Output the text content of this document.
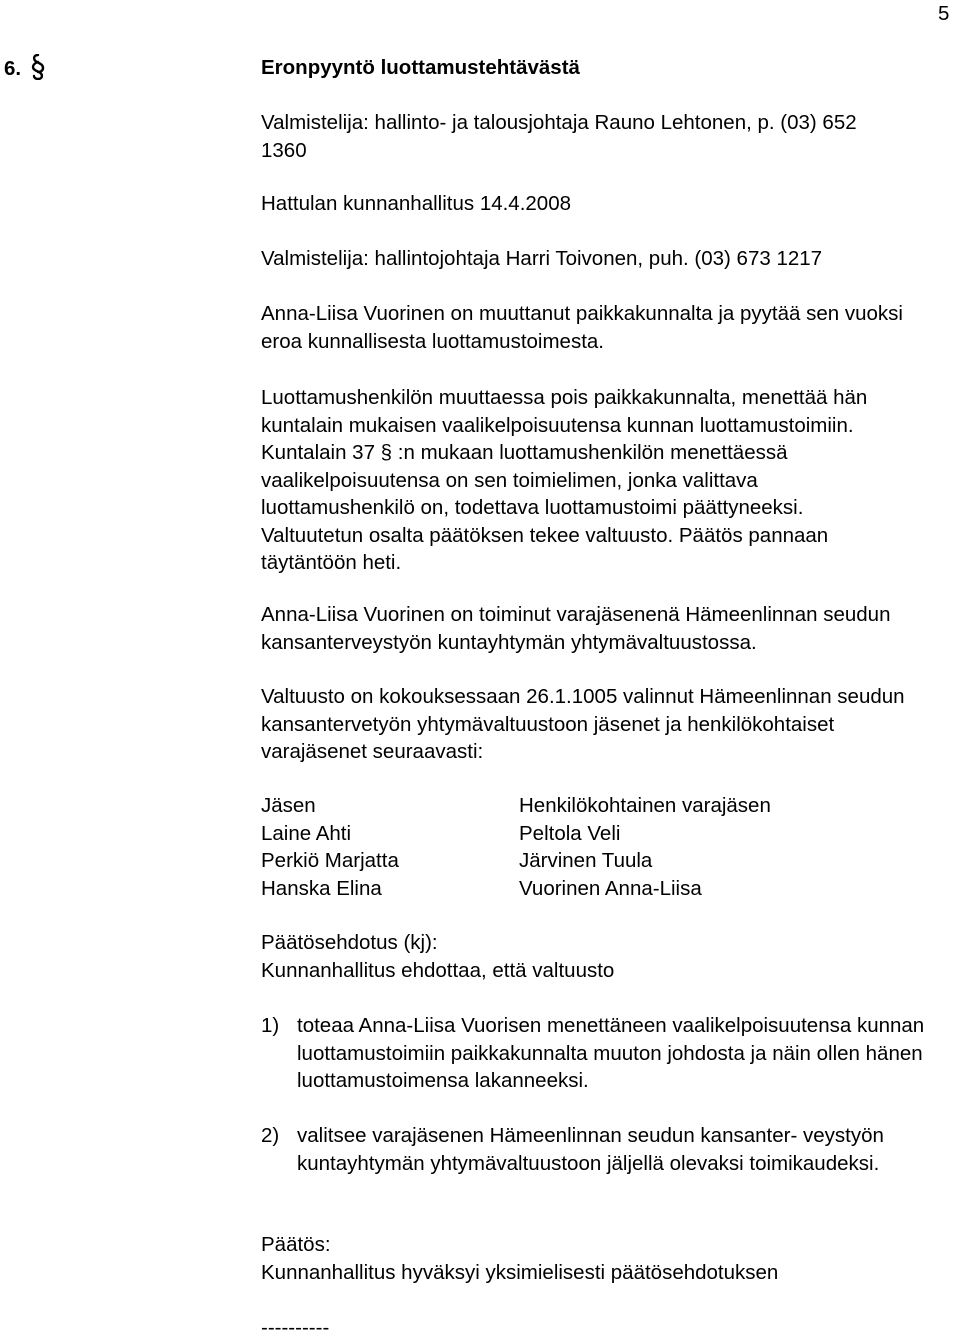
5
6.	Eronpyyntö luottamustehtävästä

Valmistelija: hallinto- ja talousjohtaja Rauno Lehtonen, p. (03) 652 1360

Hattulan kunnanhallitus 14.4.2008

Valmistelija: hallintojohtaja Harri Toivonen, puh. (03) 673 1217

Anna-Liisa Vuorinen on muuttanut paikkakunnalta ja pyytää sen vuoksi eroa kunnallisesta luottamustoimesta.

Luottamushenkilön muuttaessa pois paikkakunnalta, menettää hän kuntalain mukaisen vaalikelpoisuutensa kunnan luottamustoimiin. Kuntalain 37 § :n mukaan luottamushenkilön menettäessä vaalikelpoisuutensa on sen toimielimen, jonka valittava luottamushenkilö on, todettava luottamustoimi päättyneeksi. Valtuutetun osalta päätöksen tekee valtuusto. Päätös pannaan täytäntöön heti.

Anna-Liisa Vuorinen on toiminut varajäsenenä Hämeenlinnan seudun kansanterveystyön kuntayhtymän yhtymävaltuustossa.

Valtuusto on kokouksessaan 26.1.1005 valinnut Hämeenlinnan seudun kansantervetyön yhtymävaltuustoon jäsenet ja henkilökohtaiset varajäsenet seuraavasti:

Jäsen	Henkilökohtainen varajäsen
Laine Ahti	Peltola Veli
Perkiö Marjatta	Järvinen Tuula
Hanska Elina	Vuorinen Anna-Liisa
Päätösehdotus (kj):
Kunnanhallitus ehdottaa, että valtuusto
1) toteaa Anna-Liisa Vuorisen menettäneen vaalikelpoisuutensa kunnan luottamustoimiin paikkakunnalta muuton johdosta ja näin ollen hänen luottamustoimensa lakanneeksi.
2) valitsee varajäsenen Hämeenlinnan seudun kansanter- veystyön kuntayhtymän yhtymävaltuustoon jäljellä olevaksi toimikaudeksi.
Päätös:
Kunnanhallitus hyväksyi yksimielisesti päätösehdotuksen
----------
